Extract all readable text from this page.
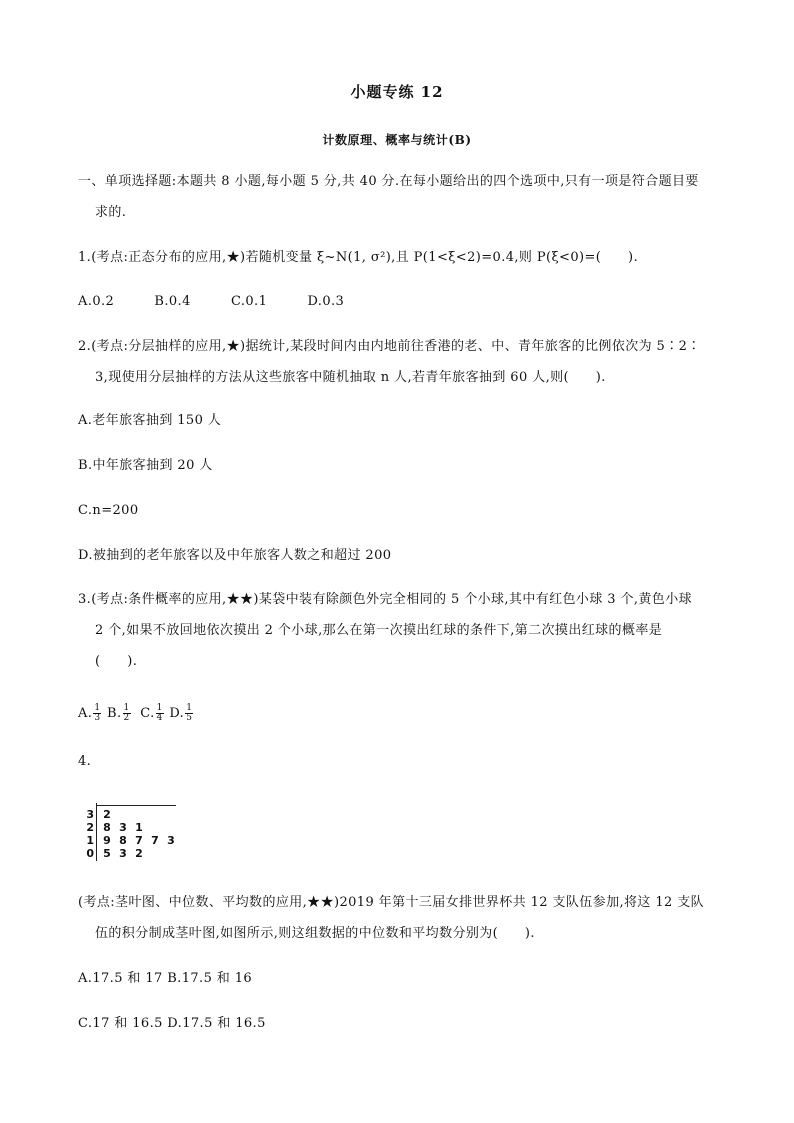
小题专练 12
计数原理、概率与统计(B)
一、单项选择题:本题共 8 小题,每小题 5 分,共 40 分.在每小题给出的四个选项中,只有一项是符合题目要
求的.
1.(考点:正态分布的应用,★)若随机变量 ξ~N(1, σ²),且 P(1<ξ<2)=0.4,则 P(ξ<0)=(　　).
A.0.2　　　B.0.4　　　C.0.1　　　D.0.3
2.(考点:分层抽样的应用,★)据统计,某段时间内由内地前往香港的老、中、青年旅客的比例依次为 5∶2∶
3,现使用分层抽样的方法从这些旅客中随机抽取 n 人,若青年旅客抽到 60 人,则(　　).
A.老年旅客抽到 150 人
B.中年旅客抽到 20 人
C.n=200
D.被抽到的老年旅客以及中年旅客人数之和超过 200
3.(考点:条件概率的应用,★★)某袋中装有除颜色外完全相同的 5 个小球,其中有红色小球 3 个,黄色小球
2 个,如果不放回地依次摸出 2 个小球,那么在第一次摸出红球的条件下,第二次摸出红球的概率是
(　　).
A. $\frac{1}{3} B$. $\frac{1}{2} C$. $\frac{1}{4} D$. $\frac{1}{5}$
4.
3 2
2 8 3 1
1 9 8 7 7 3
0 5 3 2
(考点:茎叶图、中位数、平均数的应用,★★)2019 年第十三届女排世界杯共 12 支队伍参加,将这 12 支队
伍的积分制成茎叶图,如图所示,则这组数据的中位数和平均数分别为(　　).
A.17.5 和 17 B.17.5 和 16
C.17 和 16.5 D.17.5 和 16.5
